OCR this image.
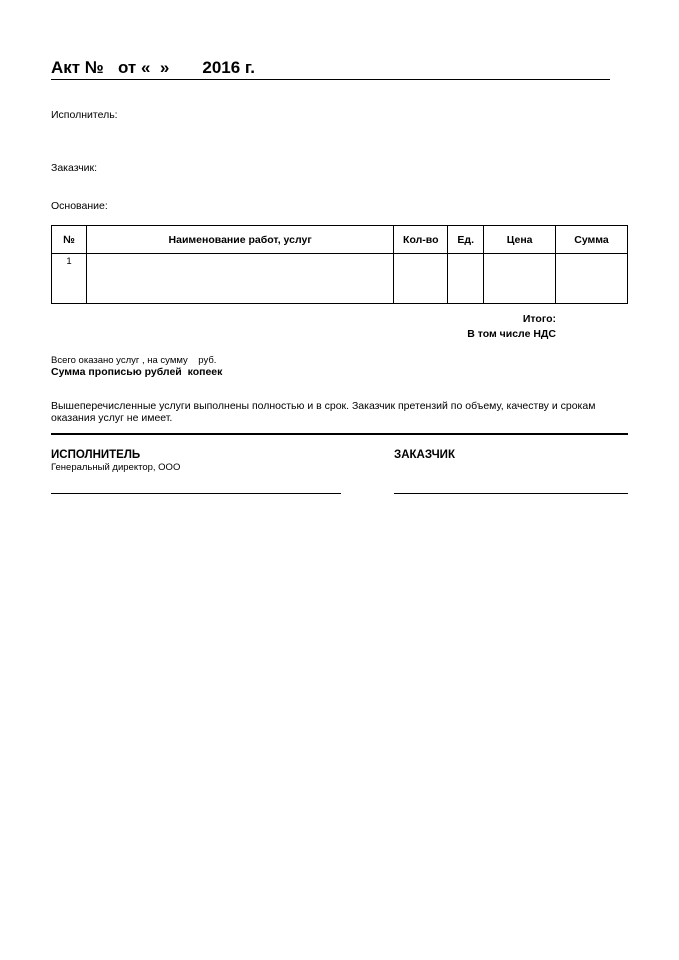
Акт №   от «  »       2016 г.
Исполнитель:
Заказчик:
Основание:
№	Наименование работ, услуг	Кол-во	Ед.	Цена	Сумма
1					
Итого:
В том числе НДС
Всего оказано услуг , на сумму    руб.
Сумма прописью рублей  копеек
Вышеперечисленные услуги выполнены полностью и в срок. Заказчик претензий по объему, качеству и срокам оказания услуг не имеет.
ИСПОЛНИТЕЛЬ
Генеральный директор, ООО
ЗАКАЗЧИК
